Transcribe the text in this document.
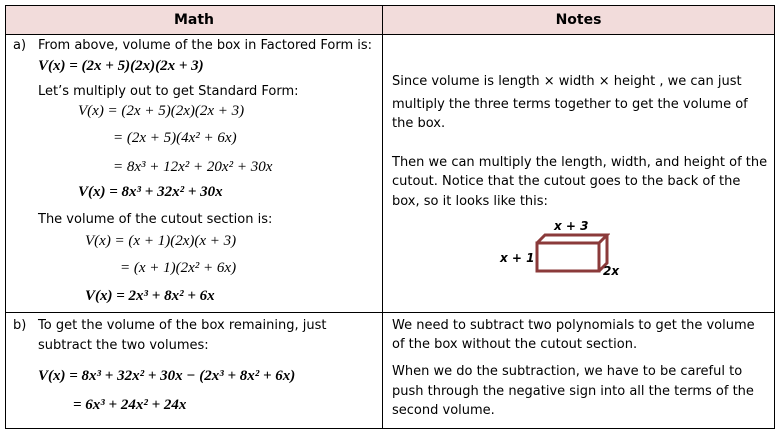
Math	Notes
a) From above, volume of the box in Factored Form is:
V(x) = (2x + 5)(2x)(2x + 3)
Let’s multiply out to get Standard Form:
V(x) = (2x + 5)(2x)(2x + 3)
= (2x + 5)(4x² + 6x)
= 8x³ + 12x² + 20x² + 30x
V(x) = 8x³ + 32x² + 30x
The volume of the cutout section is:
V(x) = (x + 1)(2x)(x + 3)
= (x + 1)(2x² + 6x)
V(x) = 2x³ + 8x² + 6x
Since volume is length × width × height , we can just
multiply the three terms together to get the volume of
the box.
Then we can multiply the length, width, and height of the
cutout. Notice that the cutout goes to the back of the
box, so it looks like this:
x + 3
x + 1
2x
b) To get the volume of the box remaining, just
subtract the two volumes:
V(x) = 8x³ + 32x² + 30x − (2x³ + 8x² + 6x)
= 6x³ + 24x² + 24x
We need to subtract two polynomials to get the volume
of the box without the cutout section.
When we do the subtraction, we have to be careful to
push through the negative sign into all the terms of the
second volume.
